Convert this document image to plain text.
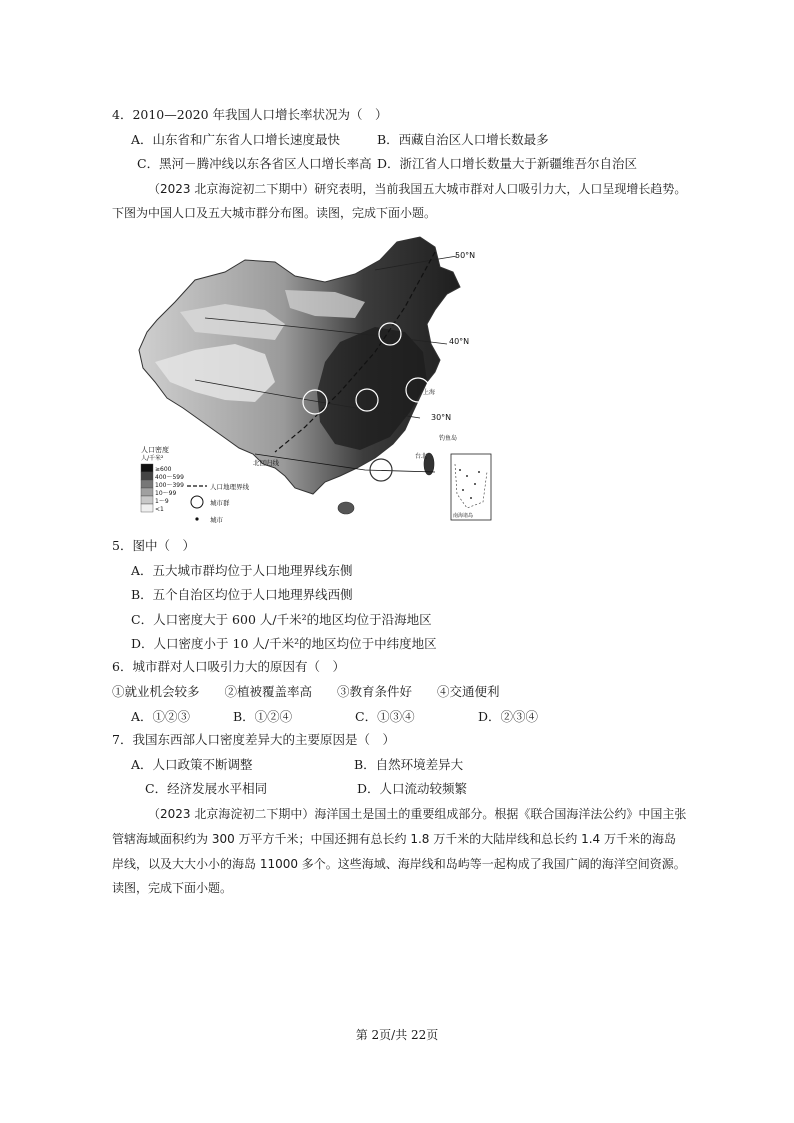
4．2010—2020 年我国人口增长率状况为（　）
A．山东省和广东省人口增长速度最快	B．西藏自治区人口增长数最多
C．黑河－腾冲线以东各省区人口增长率高 D．浙江省人口增长数量大于新疆维吾尔自治区
（2023 北京海淀初二下期中）研究表明，当前我国五大城市群对人口吸引力大，人口呈现增长趋势。
下图为中国人口及五大城市群分布图。读图，完成下面小题。
50°N
40°N
30°N
北回归线
上海
钓鱼岛
台北
南海诸岛
人口密度
人/千米²
≥600
400～599
100～399
10～99
1～9
<1
人口地理界线
城市群
城市
5．图中（　）
A．五大城市群均位于人口地理界线东侧
B．五个自治区均位于人口地理界线西侧
C．人口密度大于 600 人/千米²的地区均位于沿海地区
D．人口密度小于 10 人/千米²的地区均位于中纬度地区
6．城市群对人口吸引力大的原因有（　）
①就业机会较多　　②植被覆盖率高　　③教育条件好　　④交通便利
A．①②③	B．①②④	C．①③④	D．②③④
7．我国东西部人口密度差异大的主要原因是（　）
A．人口政策不断调整	B．自然环境差异大
C．经济发展水平相同	D．人口流动较频繁
（2023 北京海淀初二下期中）海洋国土是国土的重要组成部分。根据《联合国海洋法公约》中国主张
管辖海域面积约为 300 万平方千米；中国还拥有总长约 1.8 万千米的大陆岸线和总长约 1.4 万千米的海岛
岸线，以及大大小小的海岛 11000 多个。这些海域、海岸线和岛屿等一起构成了我国广阔的海洋空间资源。
读图，完成下面小题。
第 2页/共 22页
